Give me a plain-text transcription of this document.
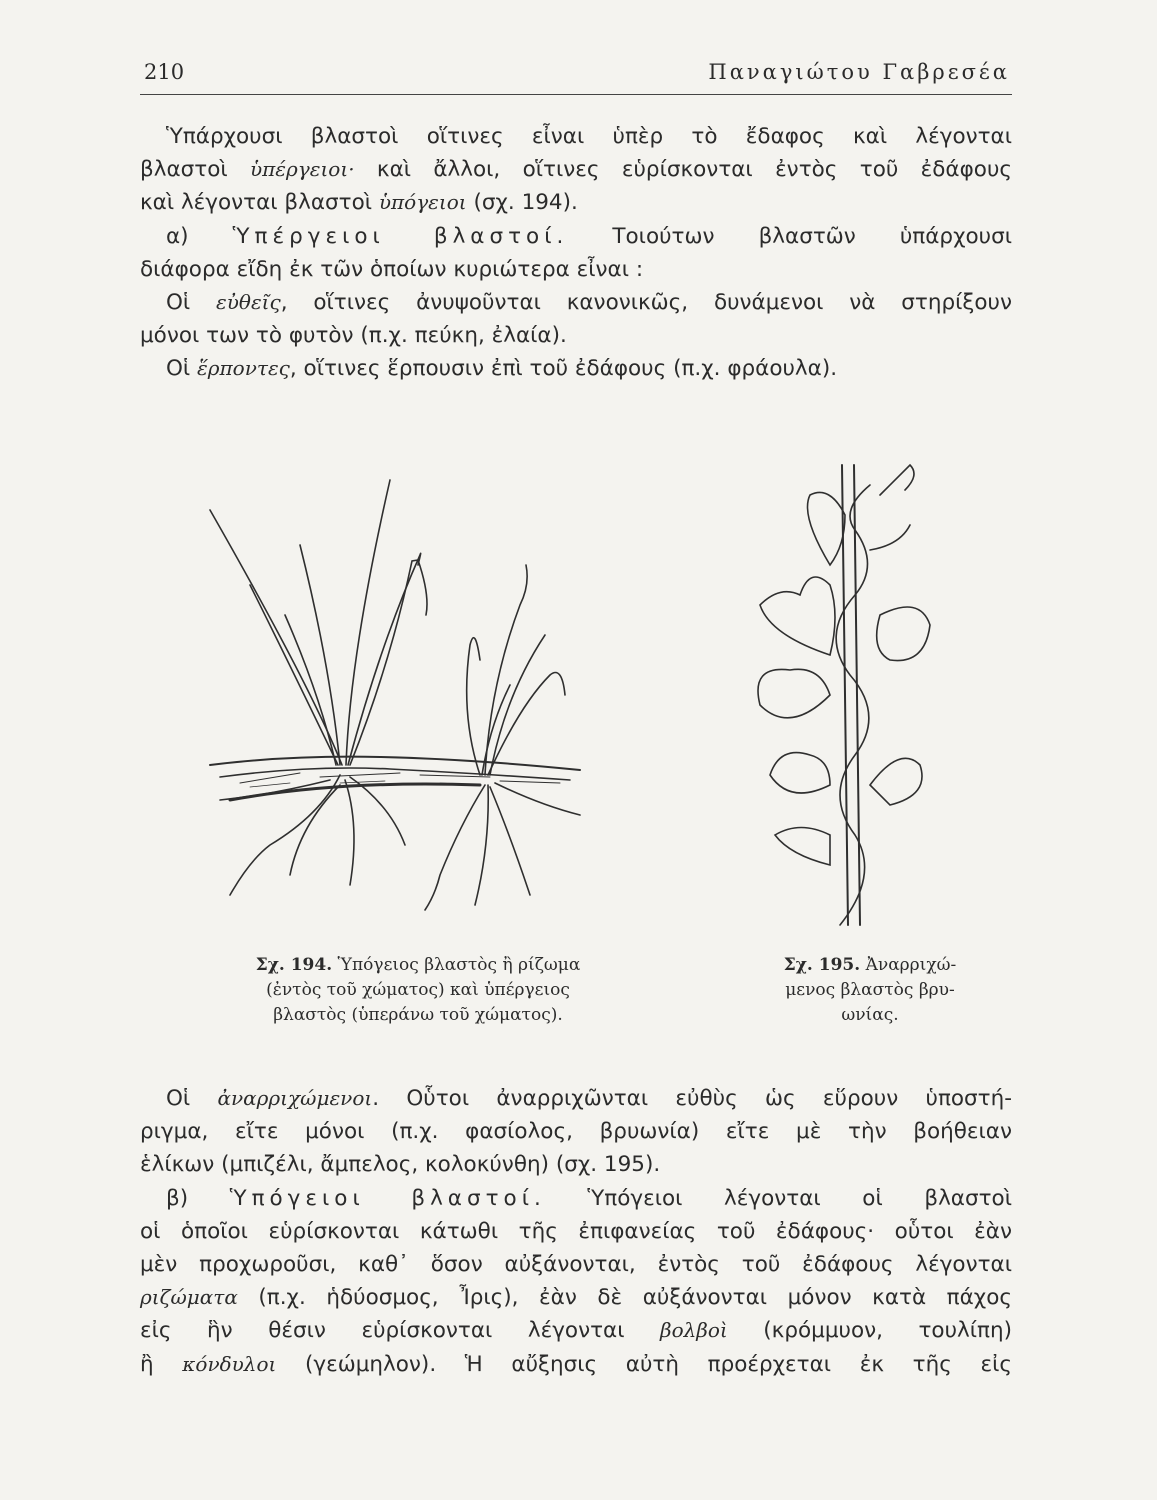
210	Παναγιώτου Γαβρεσέα
Ὑπάρχουσι βλαστοὶ οἵτινες εἶναι ὑπὲρ τὸ ἔδαφος καὶ λέγονται
βλαστοὶ ὑπέργειοι· καὶ ἄλλοι, οἵτινες εὑρίσκονται ἐντὸς τοῦ ἐδάφους
καὶ λέγονται βλαστοὶ ὑπόγειοι (σχ. 194).
α) Ὑπέργειοι βλαστοί. Τοιούτων βλαστῶν ὑπάρχουσι
διάφορα εἴδη ἐκ τῶν ὁποίων κυριώτερα εἶναι :
Οἱ εὐθεῖς, οἵτινες ἀνυψοῦνται κανονικῶς, δυνάμενοι νὰ στηρίξουν
μόνοι των τὸ φυτὸν (π.χ. πεύκη, ἐλαία).
Οἱ ἕρποντες, οἵτινες ἕρπουσιν ἐπὶ τοῦ ἐδάφους (π.χ. φράουλα).
Σχ. 194. Ὑπόγειος βλαστὸς ἢ ρίζωμα
(ἐντὸς τοῦ χώματος) καὶ ὑπέργειος
βλαστὸς (ὑπεράνω τοῦ χώματος).
Σχ. 195. Ἀναρριχώ-
μενος βλαστὸς βρυ-
ωνίας.
Οἱ ἀναρριχώμενοι. Οὗτοι ἀναρριχῶνται εὐθὺς ὡς εὕρουν ὑποστή-
ριγμα, εἴτε μόνοι (π.χ. φασίολος, βρυωνία) εἴτε μὲ τὴν βοήθειαν
ἑλίκων (μπιζέλι, ἄμπελος, κολοκύνθη) (σχ. 195).
β) Ὑπόγειοι βλαστοί. Ὑπόγειοι λέγονται οἱ βλαστοὶ
οἱ ὁποῖοι εὑρίσκονται κάτωθι τῆς ἐπιφανείας τοῦ ἐδάφους· οὗτοι ἐὰν
μὲν προχωροῦσι, καθ᾽ ὅσον αὐξάνονται, ἐντὸς τοῦ ἐδάφους λέγονται
ριζώματα (π.χ. ἡδύοσμος, Ἶρις), ἐὰν δὲ αὐξάνονται μόνον κατὰ πάχος
εἰς ἣν θέσιν εὑρίσκονται λέγονται βολβοὶ (κρόμμυον, τουλίπη)
ἢ κόνδυλοι (γεώμηλον). Ἡ αὔξησις αὐτὴ προέρχεται ἐκ τῆς εἰς
